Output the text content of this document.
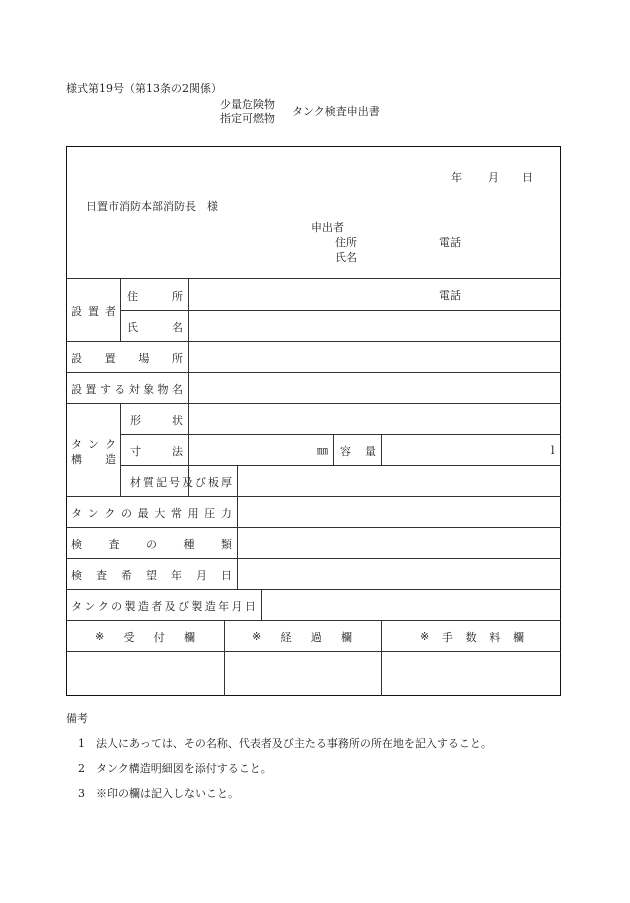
様式第19号（第13条の2関係）
少量危険物
指定可燃物
タンク検査申出書
年 月 日
日置市消防本部消防長　様
申出者
住所	電話
氏名
設 置 者
住	所	電話
氏	名
設 置 場 所
設 置 す る 対 象 物 名
タ ン ク
構 造
形	状
寸	法	㎜ 容 量	l
材 質 記 号 及 び 板 厚
タ ン ク の 最 大 常 用 圧 力
検 査 の 種 類
検 査 希 望 年 月 日
タ ン ク の 製 造 者 及 び 製 造 年 月 日
※ 受 付 欄	※ 経 過 欄	※ 手 数 料 欄
備考
1 法人にあっては、その名称、代表者及び主たる事務所の所在地を記入すること。
2 タンク構造明細図を添付すること。
3 ※印の欄は記入しないこと。
